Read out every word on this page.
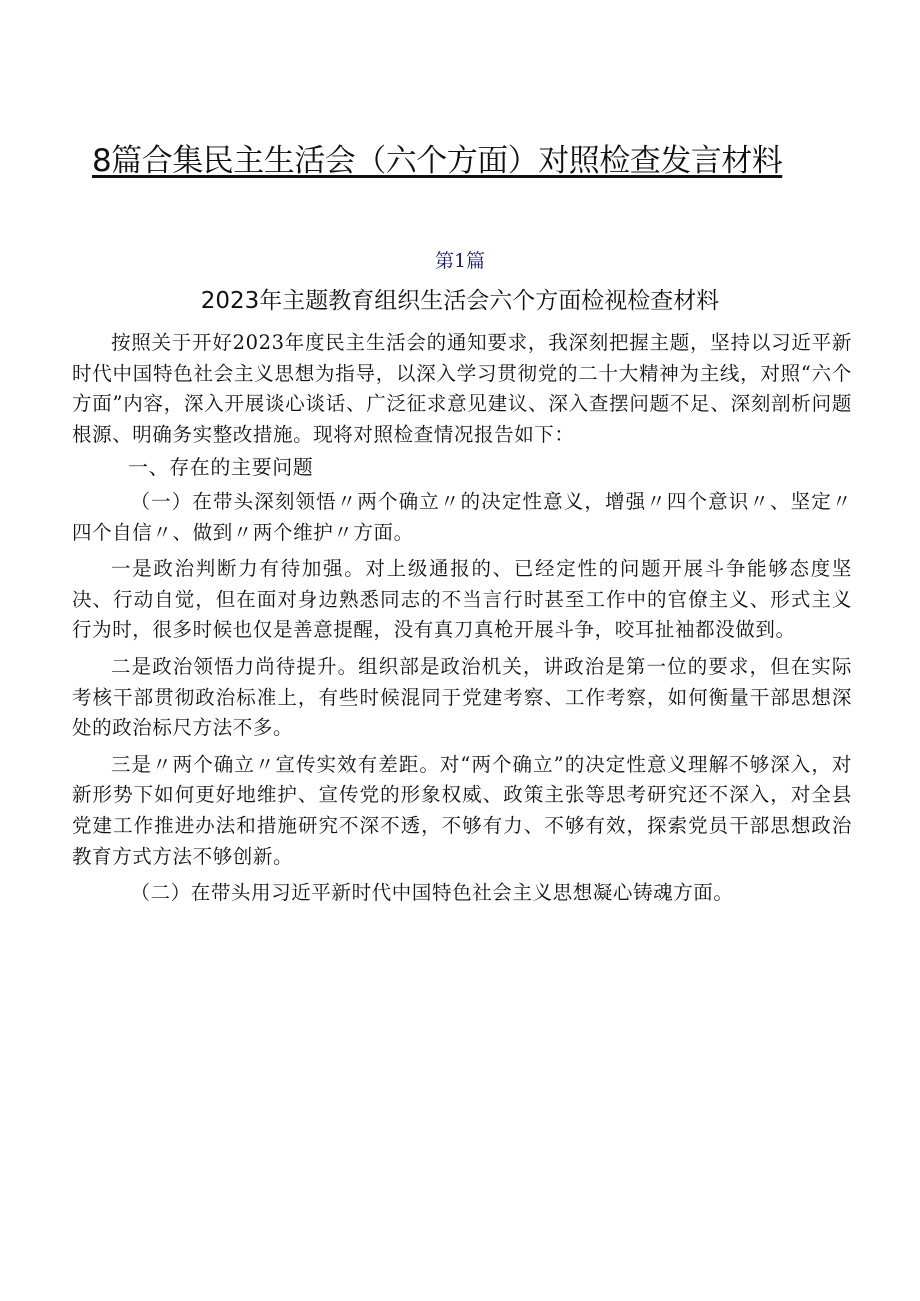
8篇合集民主生活会（六个方面）对照检查发言材料
第1篇
2023年主题教育组织生活会六个方面检视检查材料

按照关于开好2023年度民主生活会的通知要求，我深刻把握主题，坚持以习近平新时代中国特色社会主义思想为指导，以深入学习贯彻党的二十大精神为主线，对照“六个方面”内容，深入开展谈心谈话、广泛征求意见建议、深入查摆问题不足、深刻剖析问题根源、明确务实整改措施。现将对照检查情况报告如下：

一、存在的主要问题

（一）在带头深刻领悟〃两个确立〃的决定性意义，增强〃四个意识〃、坚定〃四个自信〃、做到〃两个维护〃方面。

一是政治判断力有待加强。对上级通报的、已经定性的问题开展斗争能够态度坚决、行动自觉，但在面对身边熟悉同志的不当言行时甚至工作中的官僚主义、形式主义行为时，很多时候也仅是善意提醒，没有真刀真枪开展斗争，咬耳扯袖都没做到。

二是政治领悟力尚待提升。组织部是政治机关，讲政治是第一位的要求，但在实际考核干部贯彻政治标准上，有些时候混同于党建考察、工作考察，如何衡量干部思想深处的政治标尺方法不多。

三是〃两个确立〃宣传实效有差距。对“两个确立”的决定性意义理解不够深入，对新形势下如何更好地维护、宣传党的形象权威、政策主张等思考研究还不深入，对全县党建工作推进办法和措施研究不深不透，不够有力、不够有效，探索党员干部思想政治教育方式方法不够创新。

（二）在带头用习近平新时代中国特色社会主义思想凝心铸魂方面。
